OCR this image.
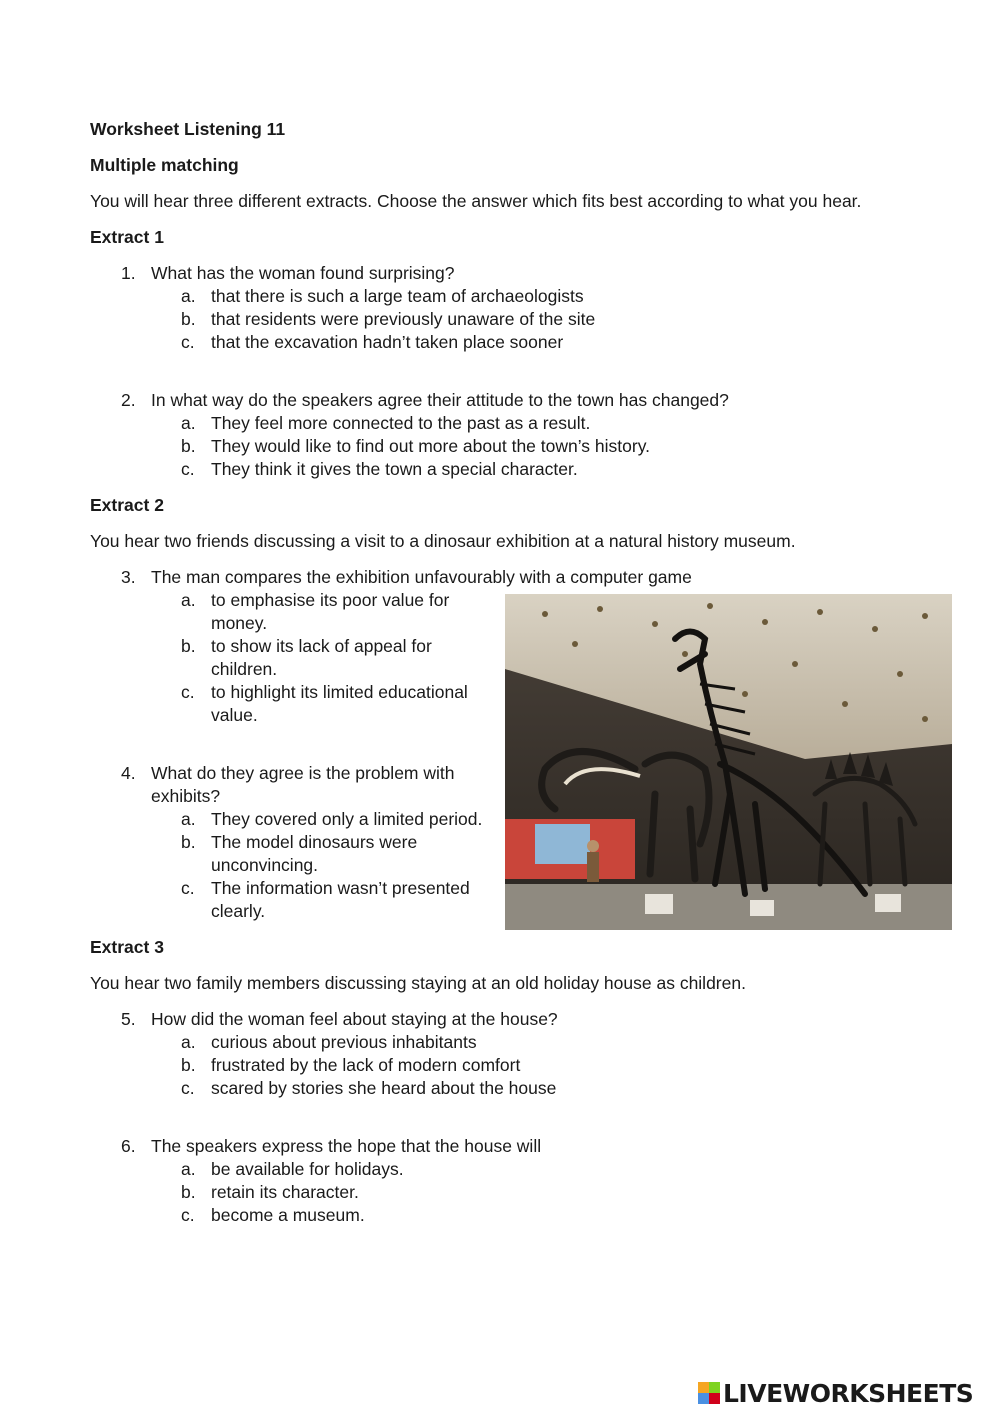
Worksheet Listening 11
Multiple matching

You will hear three different extracts. Choose the answer which fits best according to what you hear.

Extract 1
1. What has the woman found surprising?
a. that there is such a large team of archaeologists
b. that residents were previously unaware of the site
c. that the excavation hadn’t taken place sooner
2. In what way do the speakers agree their attitude to the town has changed?
a. They feel more connected to the past as a result.
b. They would like to find out more about the town’s history.
c. They think it gives the town a special character.
Extract 2

You hear two friends discussing a visit to a dinosaur exhibition at a natural history museum.

3. The man compares the exhibition unfavourably with a computer game
a. to emphasise its poor value for money.
b. to show its lack of appeal for children.
c. to highlight its limited educational value.
4. What do they agree is the problem with exhibits?
a. They covered only a limited period.
b. The model dinosaurs were unconvincing.
c. The information wasn’t presented clearly.
Extract 3

You hear two family members discussing staying at an old holiday house as children.

5. How did the woman feel about staying at the house?
a. curious about previous inhabitants
b. frustrated by the lack of modern comfort
c. scared by stories she heard about the house
6. The speakers express the hope that the house will
a. be available for holidays.
b. retain its character.
c. become a museum.
LIVEWORKSHEETS
